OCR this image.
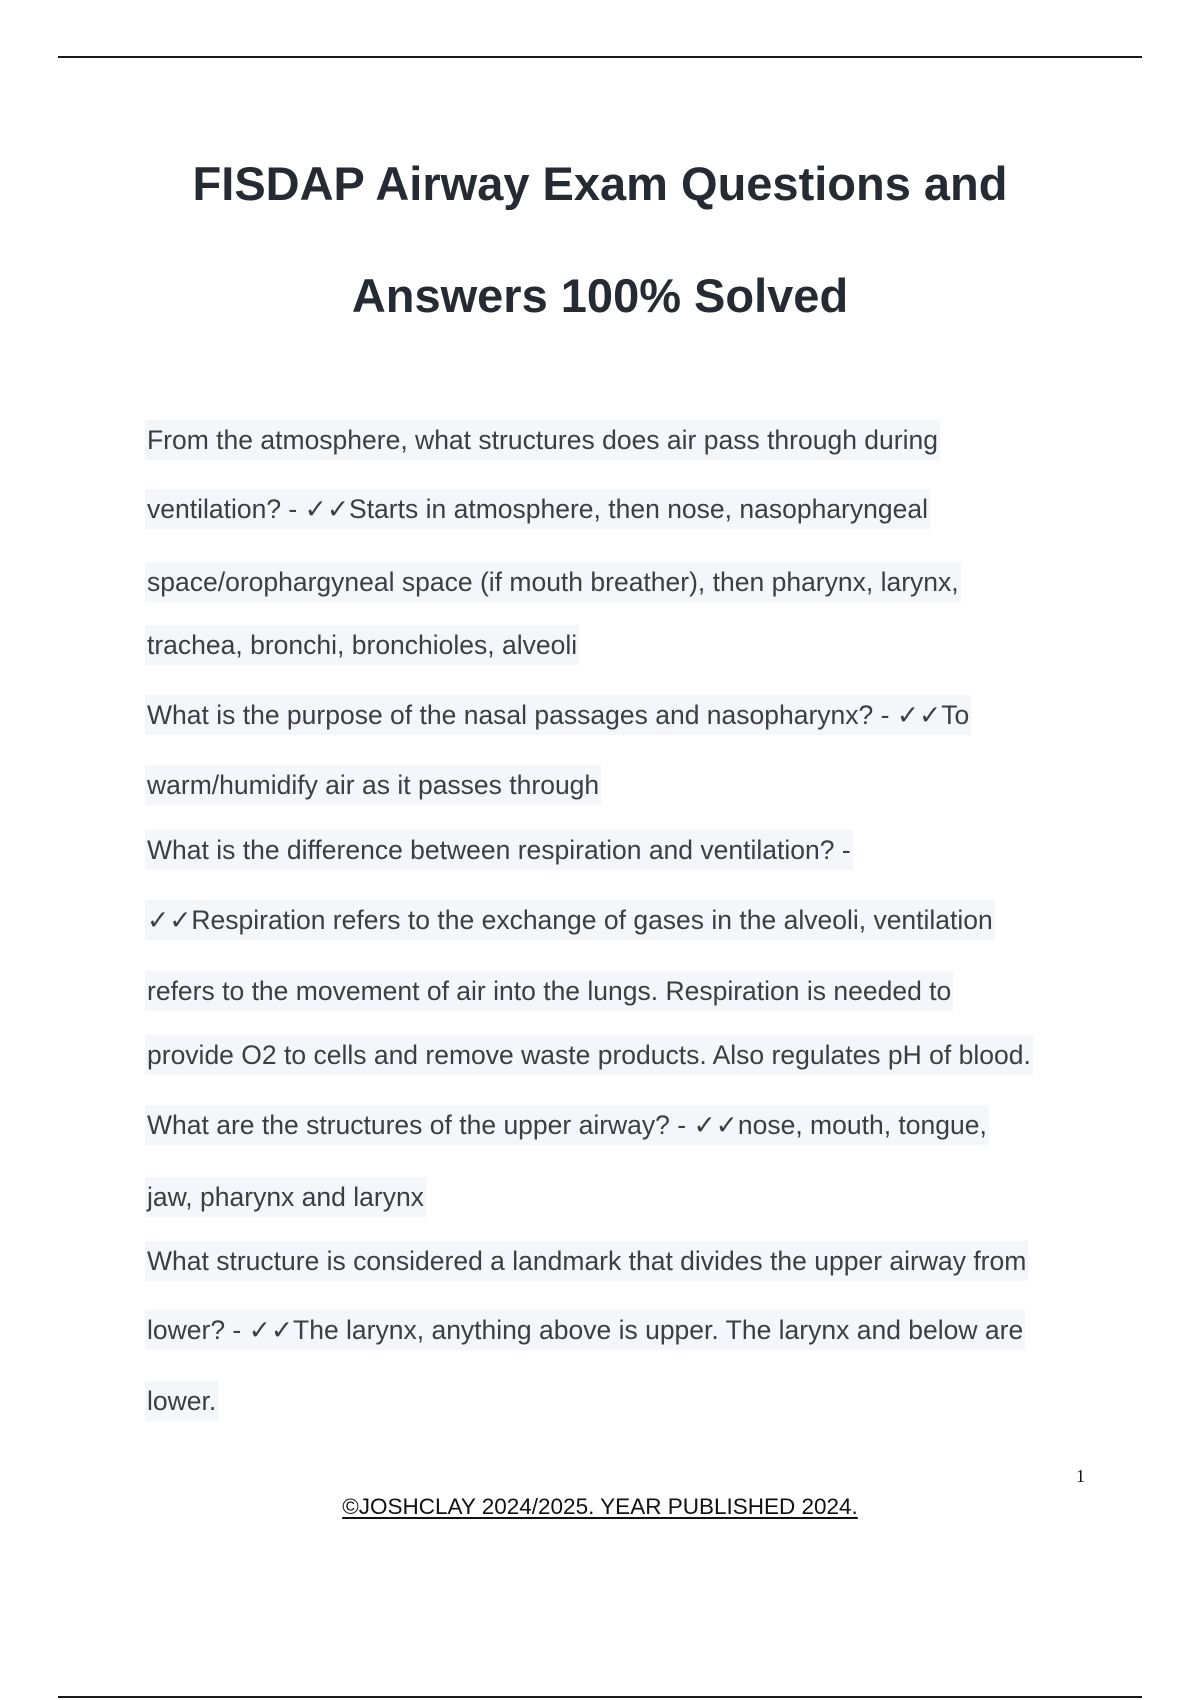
FISDAP Airway Exam Questions and
Answers 100% Solved
From the atmosphere, what structures does air pass through during
ventilation? - ✓✓Starts in atmosphere, then nose, nasopharyngeal
space/orophargyneal space (if mouth breather), then pharynx, larynx,
trachea, bronchi, bronchioles, alveoli
What is the purpose of the nasal passages and nasopharynx? - ✓✓To
warm/humidify air as it passes through
What is the difference between respiration and ventilation? -
✓✓Respiration refers to the exchange of gases in the alveoli, ventilation
refers to the movement of air into the lungs. Respiration is needed to
provide O2 to cells and remove waste products. Also regulates pH of blood.
What are the structures of the upper airway? - ✓✓nose, mouth, tongue,
jaw, pharynx and larynx
What structure is considered a landmark that divides the upper airway from
lower? - ✓✓The larynx, anything above is upper. The larynx and below are
lower.
1
©JOSHCLAY 2024/2025. YEAR PUBLISHED 2024.
